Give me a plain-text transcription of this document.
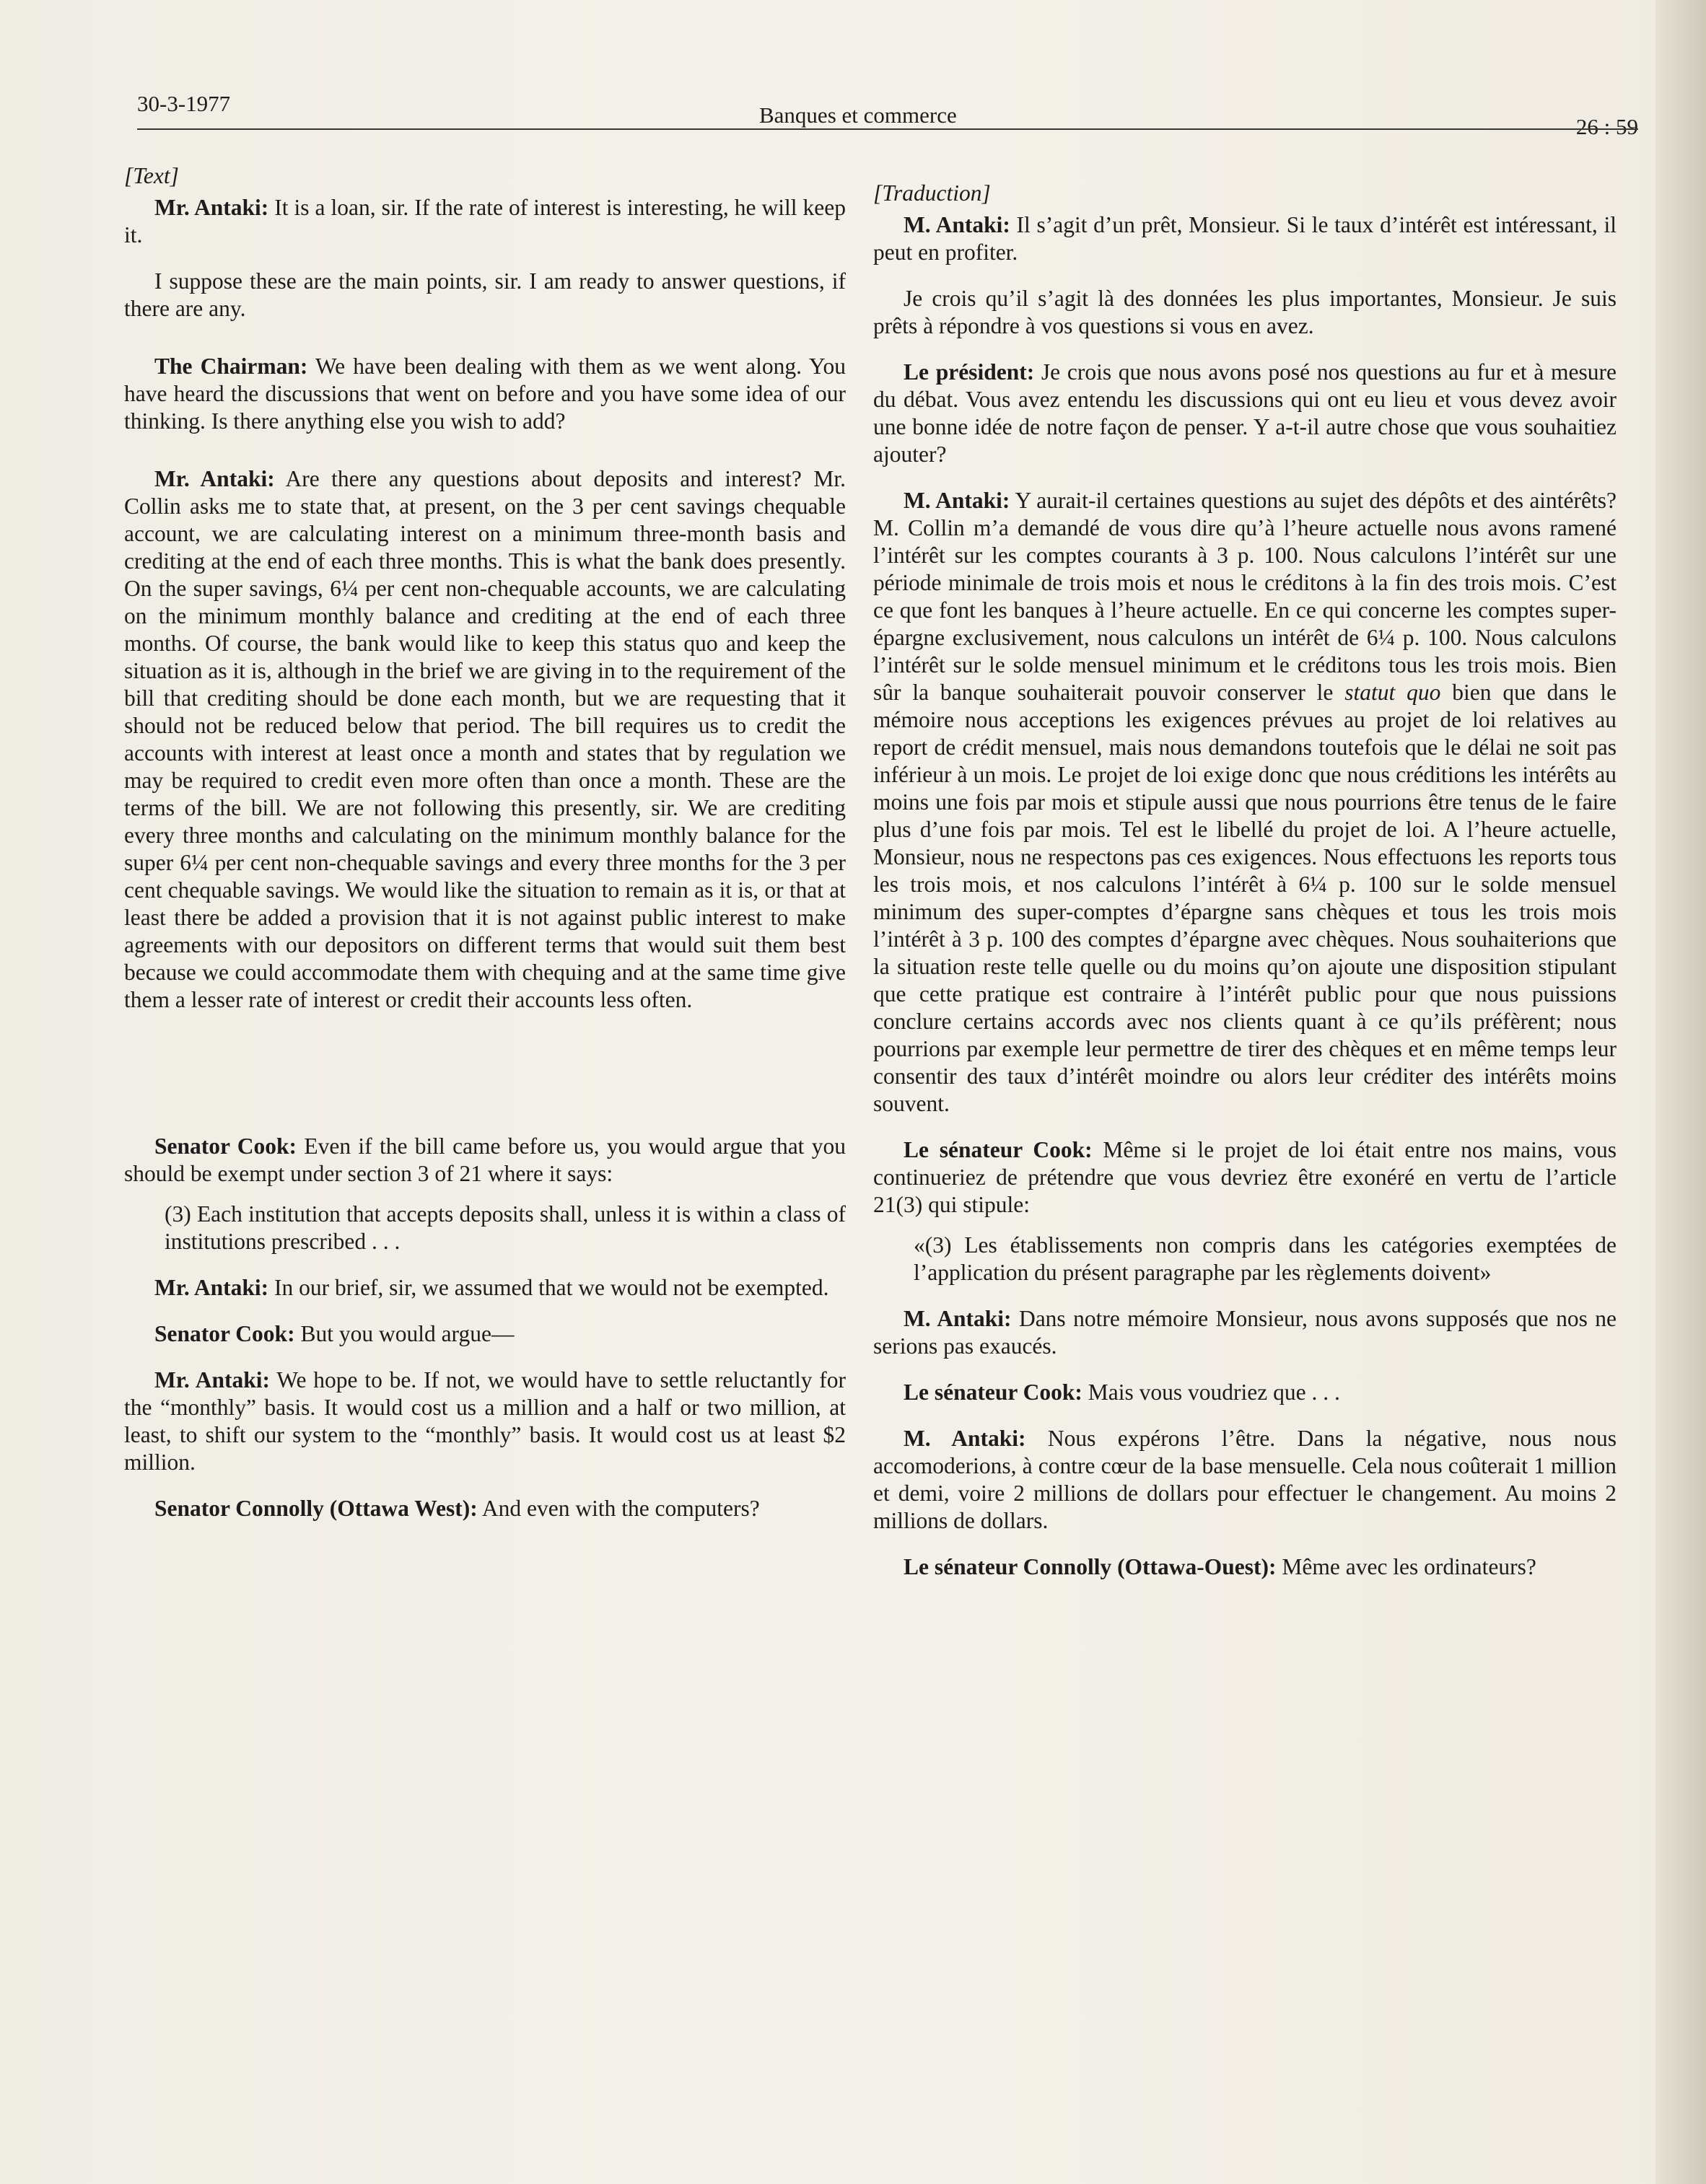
30-3-1977	Banques et commerce	26 : 59
[Text]

Mr. Antaki: It is a loan, sir. If the rate of interest is interesting, he will keep it.

I suppose these are the main points, sir. I am ready to answer questions, if there are any.

The Chairman: We have been dealing with them as we went along. You have heard the discussions that went on before and you have some idea of our thinking. Is there anything else you wish to add?

Mr. Antaki: Are there any questions about deposits and interest? Mr. Collin asks me to state that, at present, on the 3 per cent savings chequable account, we are calculating interest on a minimum three-month basis and crediting at the end of each three months. This is what the bank does presently. On the super savings, 6¼ per cent non-chequable accounts, we are calculating on the minimum monthly balance and crediting at the end of each three months. Of course, the bank would like to keep this status quo and keep the situation as it is, although in the brief we are giving in to the requirement of the bill that crediting should be done each month, but we are requesting that it should not be reduced below that period. The bill requires us to credit the accounts with interest at least once a month and states that by regulation we may be required to credit even more often than once a month. These are the terms of the bill. We are not following this presently, sir. We are crediting every three months and calculating on the minimum monthly balance for the super 6¼ per cent non-chequable savings and every three months for the 3 per cent chequable savings. We would like the situation to remain as it is, or that at least there be added a provision that it is not against public interest to make agreements with our depositors on different terms that would suit them best because we could accommodate them with chequing and at the same time give them a lesser rate of interest or credit their accounts less often.

Senator Cook: Even if the bill came before us, you would argue that you should be exempt under section 3 of 21 where it says:

(3) Each institution that accepts deposits shall, unless it is within a class of institutions prescribed . . .

Mr. Antaki: In our brief, sir, we assumed that we would not be exempted.

Senator Cook: But you would argue—

Mr. Antaki: We hope to be. If not, we would have to settle reluctantly for the “monthly” basis. It would cost us a million and a half or two million, at least, to shift our system to the “monthly” basis. It would cost us at least $2 million.

Senator Connolly (Ottawa West): And even with the computers?

[Traduction]

M. Antaki: Il s’agit d’un prêt, Monsieur. Si le taux d’intérêt est intéressant, il peut en profiter.

Je crois qu’il s’agit là des données les plus importantes, Monsieur. Je suis prêts à répondre à vos questions si vous en avez.

Le président: Je crois que nous avons posé nos questions au fur et à mesure du débat. Vous avez entendu les discussions qui ont eu lieu et vous devez avoir une bonne idée de notre façon de penser. Y a-t-il autre chose que vous souhaitiez ajouter?

M. Antaki: Y aurait-il certaines questions au sujet des dépôts et des aintérêts? M. Collin m’a demandé de vous dire qu’à l’heure actuelle nous avons ramené l’intérêt sur les comptes courants à 3 p. 100. Nous calculons l’intérêt sur une période minimale de trois mois et nous le créditons à la fin des trois mois. C’est ce que font les banques à l’heure actuelle. En ce qui concerne les comptes super-épargne exclusivement, nous calculons un intérêt de 6¼ p. 100. Nous calculons l’intérêt sur le solde mensuel minimum et le créditons tous les trois mois. Bien sûr la banque souhaiterait pouvoir conserver le statut quo bien que dans le mémoire nous acceptions les exigences prévues au projet de loi relatives au report de crédit mensuel, mais nous demandons toutefois que le délai ne soit pas inférieur à un mois. Le projet de loi exige donc que nous créditions les intérêts au moins une fois par mois et stipule aussi que nous pourrions être tenus de le faire plus d’une fois par mois. Tel est le libellé du projet de loi. A l’heure actuelle, Monsieur, nous ne respectons pas ces exigences. Nous effectuons les reports tous les trois mois, et nos calculons l’intérêt à 6¼ p. 100 sur le solde mensuel minimum des super-comptes d’épargne sans chèques et tous les trois mois l’intérêt à 3 p. 100 des comptes d’épargne avec chèques. Nous souhaiterions que la situation reste telle quelle ou du moins qu’on ajoute une disposition stipulant que cette pratique est contraire à l’intérêt public pour que nous puissions conclure certains accords avec nos clients quant à ce qu’ils préfèrent; nous pourrions par exemple leur permettre de tirer des chèques et en même temps leur consentir des taux d’intérêt moindre ou alors leur créditer des intérêts moins souvent.

Le sénateur Cook: Même si le projet de loi était entre nos mains, vous continueriez de prétendre que vous devriez être exonéré en vertu de l’article 21(3) qui stipule:

«(3) Les établissements non compris dans les catégories exemptées de l’application du présent paragraphe par les règlements doivent»

M. Antaki: Dans notre mémoire Monsieur, nous avons supposés que nos ne serions pas exaucés.

Le sénateur Cook: Mais vous voudriez que . . .

M. Antaki: Nous expérons l’être. Dans la négative, nous nous accomoderions, à contre cœur de la base mensuelle. Cela nous coûterait 1 million et demi, voire 2 millions de dollars pour effectuer le changement. Au moins 2 millions de dollars.

Le sénateur Connolly (Ottawa-Ouest): Même avec les ordinateurs?
